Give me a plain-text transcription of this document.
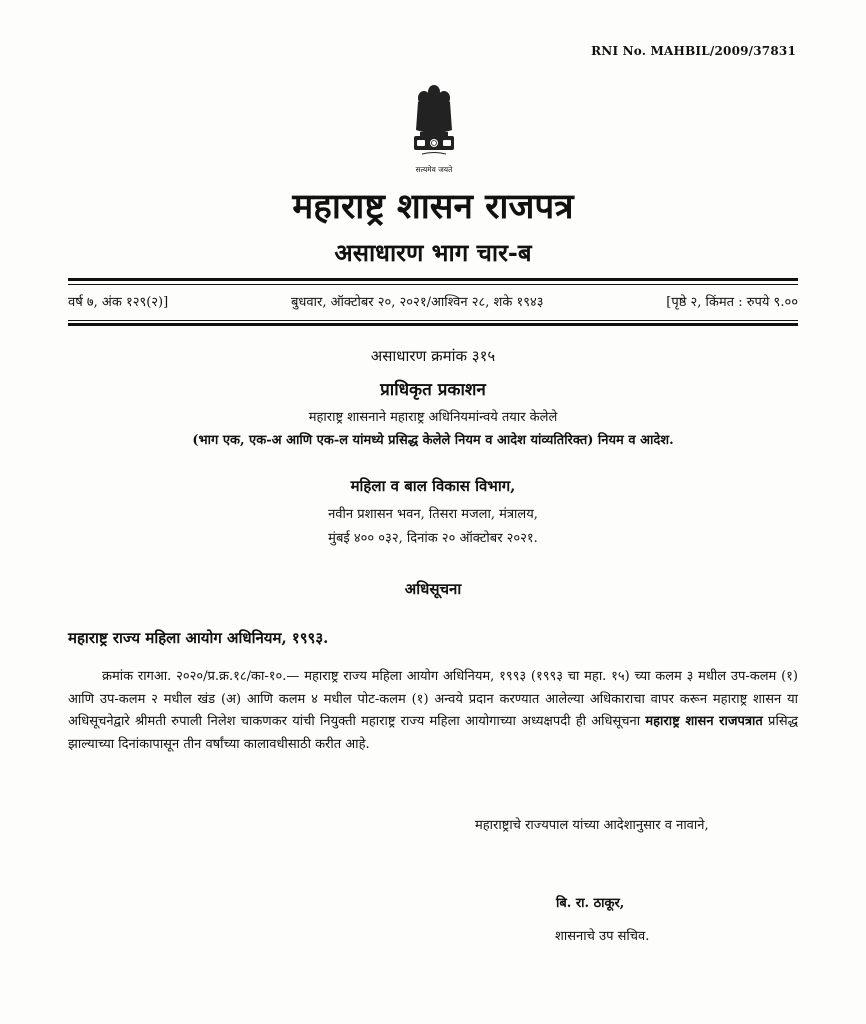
RNI No. MAHBIL/2009/37831
सत्यमेव जयते
महाराष्ट्र शासन राजपत्र
असाधारण भाग चार-ब
वर्ष ७, अंक १२९(२)]	बुधवार, ऑक्टोबर २०, २०२१/आश्विन २८, शके १९४३	[पृष्ठे २, किंमत : रुपये ९.००
असाधारण क्रमांक ३१५
प्राधिकृत प्रकाशन
महाराष्ट्र शासनाने महाराष्ट्र अधिनियमांन्वये तयार केलेले
(भाग एक, एक-अ आणि एक-ल यांमध्ये प्रसिद्ध केलेले नियम व आदेश यांव्यतिरिक्त) नियम व आदेश.
महिला व बाल विकास विभाग,
नवीन प्रशासन भवन, तिसरा मजला, मंत्रालय,
मुंबई ४०० ०३२, दिनांक २० ऑक्टोबर २०२१.
अधिसूचना
महाराष्ट्र राज्य महिला आयोग अधिनियम, १९९३.
क्रमांक रागआ. २०२०/प्र.क्र.१८/का-१०.— महाराष्ट्र राज्य महिला आयोग अधिनियम, १९९३ (१९९३ चा महा. १५) च्या कलम ३ मधील उप-कलम (१) आणि उप-कलम २ मधील खंड (अ) आणि कलम ४ मधील पोट-कलम (१) अन्वये प्रदान करण्यात आलेल्या अधिकाराचा वापर करून महाराष्ट्र शासन या अधिसूचनेद्वारे श्रीमती रुपाली निलेश चाकणकर यांची नियुक्ती महाराष्ट्र राज्य महिला आयोगाच्या अध्यक्षपदी ही अधिसूचना महाराष्ट्र शासन राजपत्रात प्रसिद्ध झाल्याच्या दिनांकापासून तीन वर्षांच्या कालावधीसाठी करीत आहे.
महाराष्ट्राचे राज्यपाल यांच्या आदेशानुसार व नावाने,
बि. रा. ठाकूर,
शासनाचे उप सचिव.
